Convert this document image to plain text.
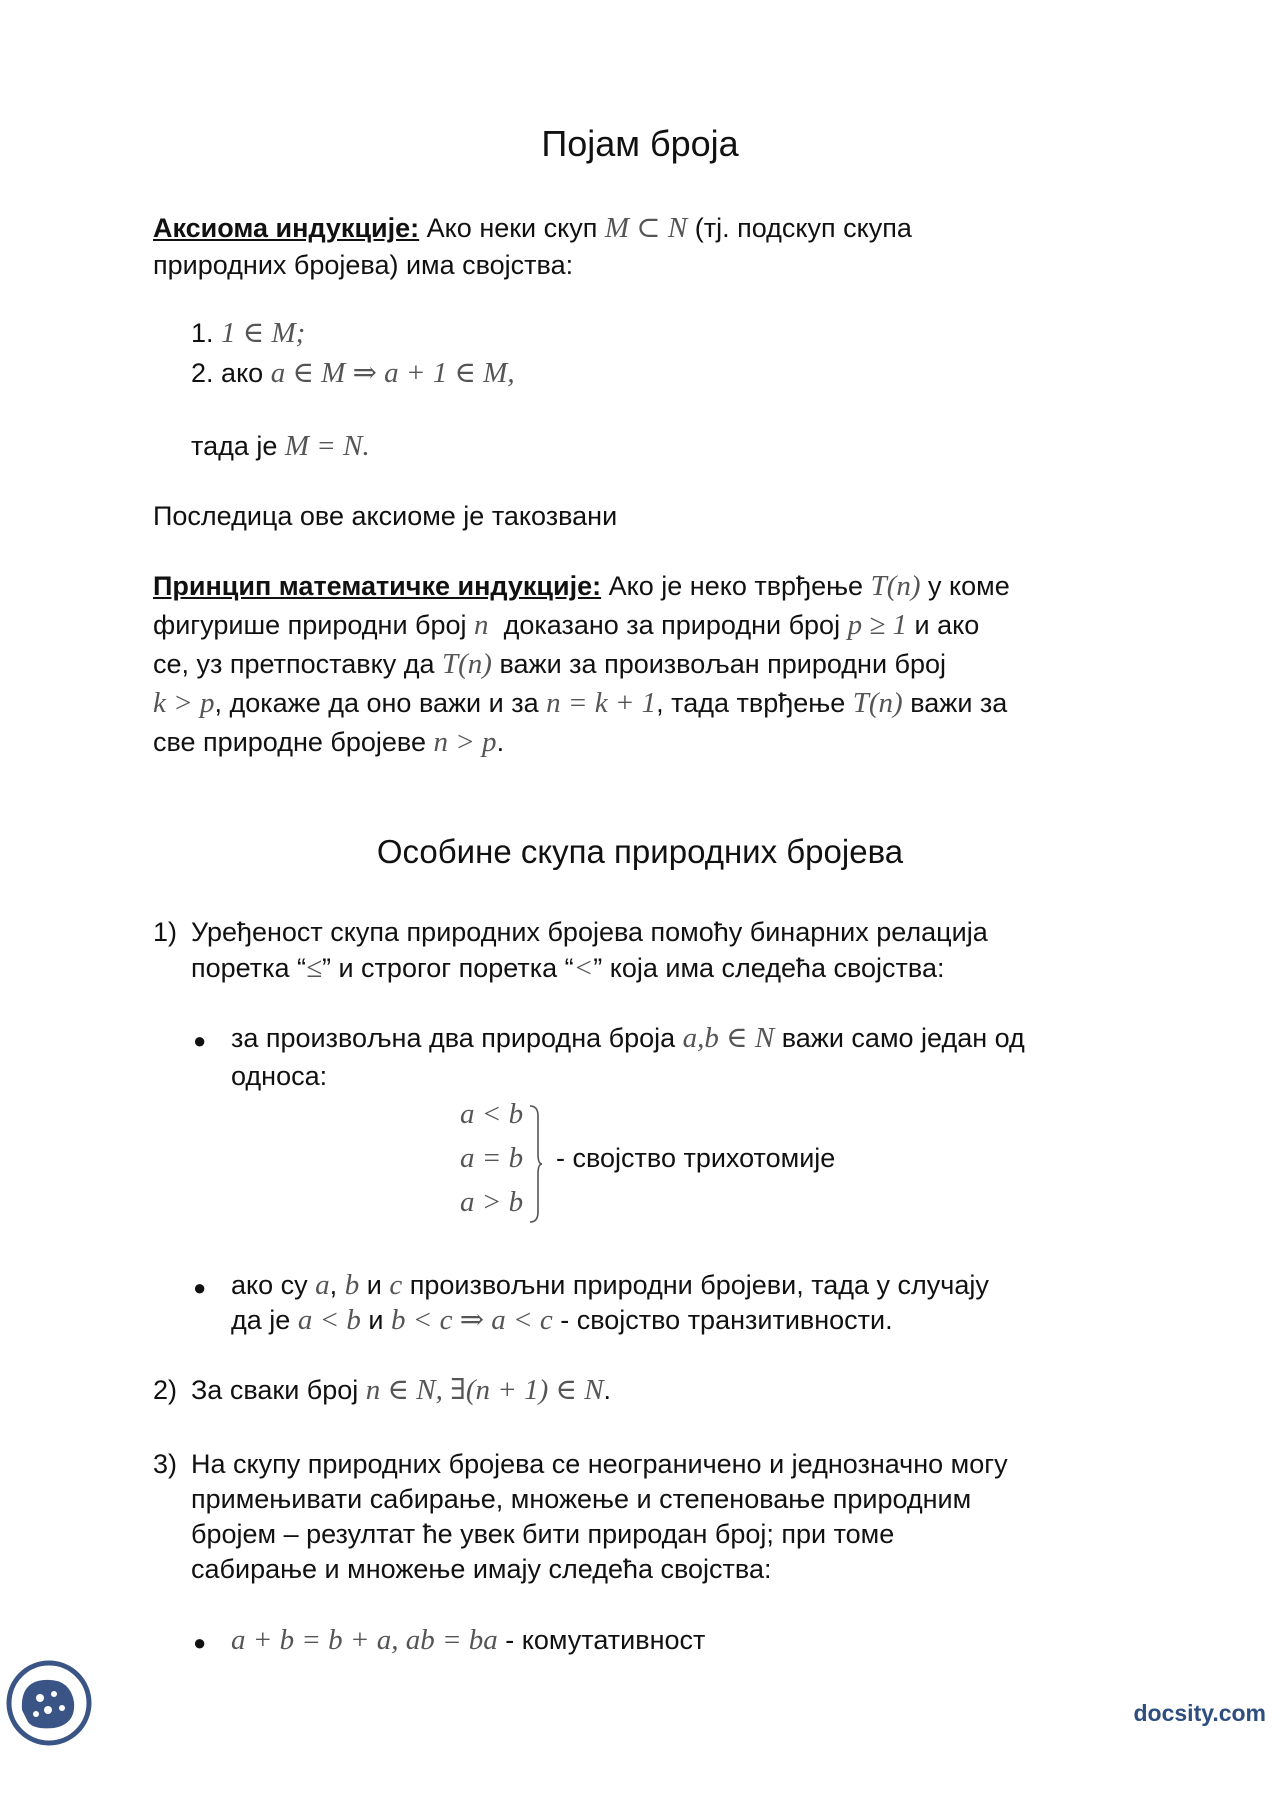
Појам броја
Аксиома индукције: Ако неки скуп M ⊂ N (тј. подскуп скупа
природних бројева) има својства:
1. 1 ∈ M;
2. ако a ∈ M ⇒ a + 1 ∈ M,
тада је M = N.
Последица ове аксиоме је такозвани
Принцип математичке индукције: Ако је неко тврђење T(n) у коме
фигурише природни број n доказано за природни број p ≥ 1 и ако
се, уз претпоставку да T(n) важи за произвољан природни број
k > p, докаже да оно важи и за n = k + 1, тада тврђење T(n) важи за
све природне бројеве n > p.
Особине скупа природних бројева
1) Уређеност скупа природних бројева помоћу бинарних релација
поретка “≤” и строгог поретка “<” која има следећа својства:
● за произвољна два природна броја a,b ∈ N важи само један од
односа:
a < b
a = b
a > b
- својство трихотомије
● ако су a, b и c произвољни природни бројеви, тада у случају
да је a < b и b < c ⇒ a < c - својство транзитивности.
2) За сваки број n ∈ N, ∃(n + 1) ∈ N.
3) На скупу природних бројева се неограничено и једнозначно могу
примењивати сабирање, множење и степеновање природним
бројем – резултат ће увек бити природан број; при томе
сабирање и множење имају следећа својства:
● a + b = b + a, ab = ba - комутативност
docsity.com
